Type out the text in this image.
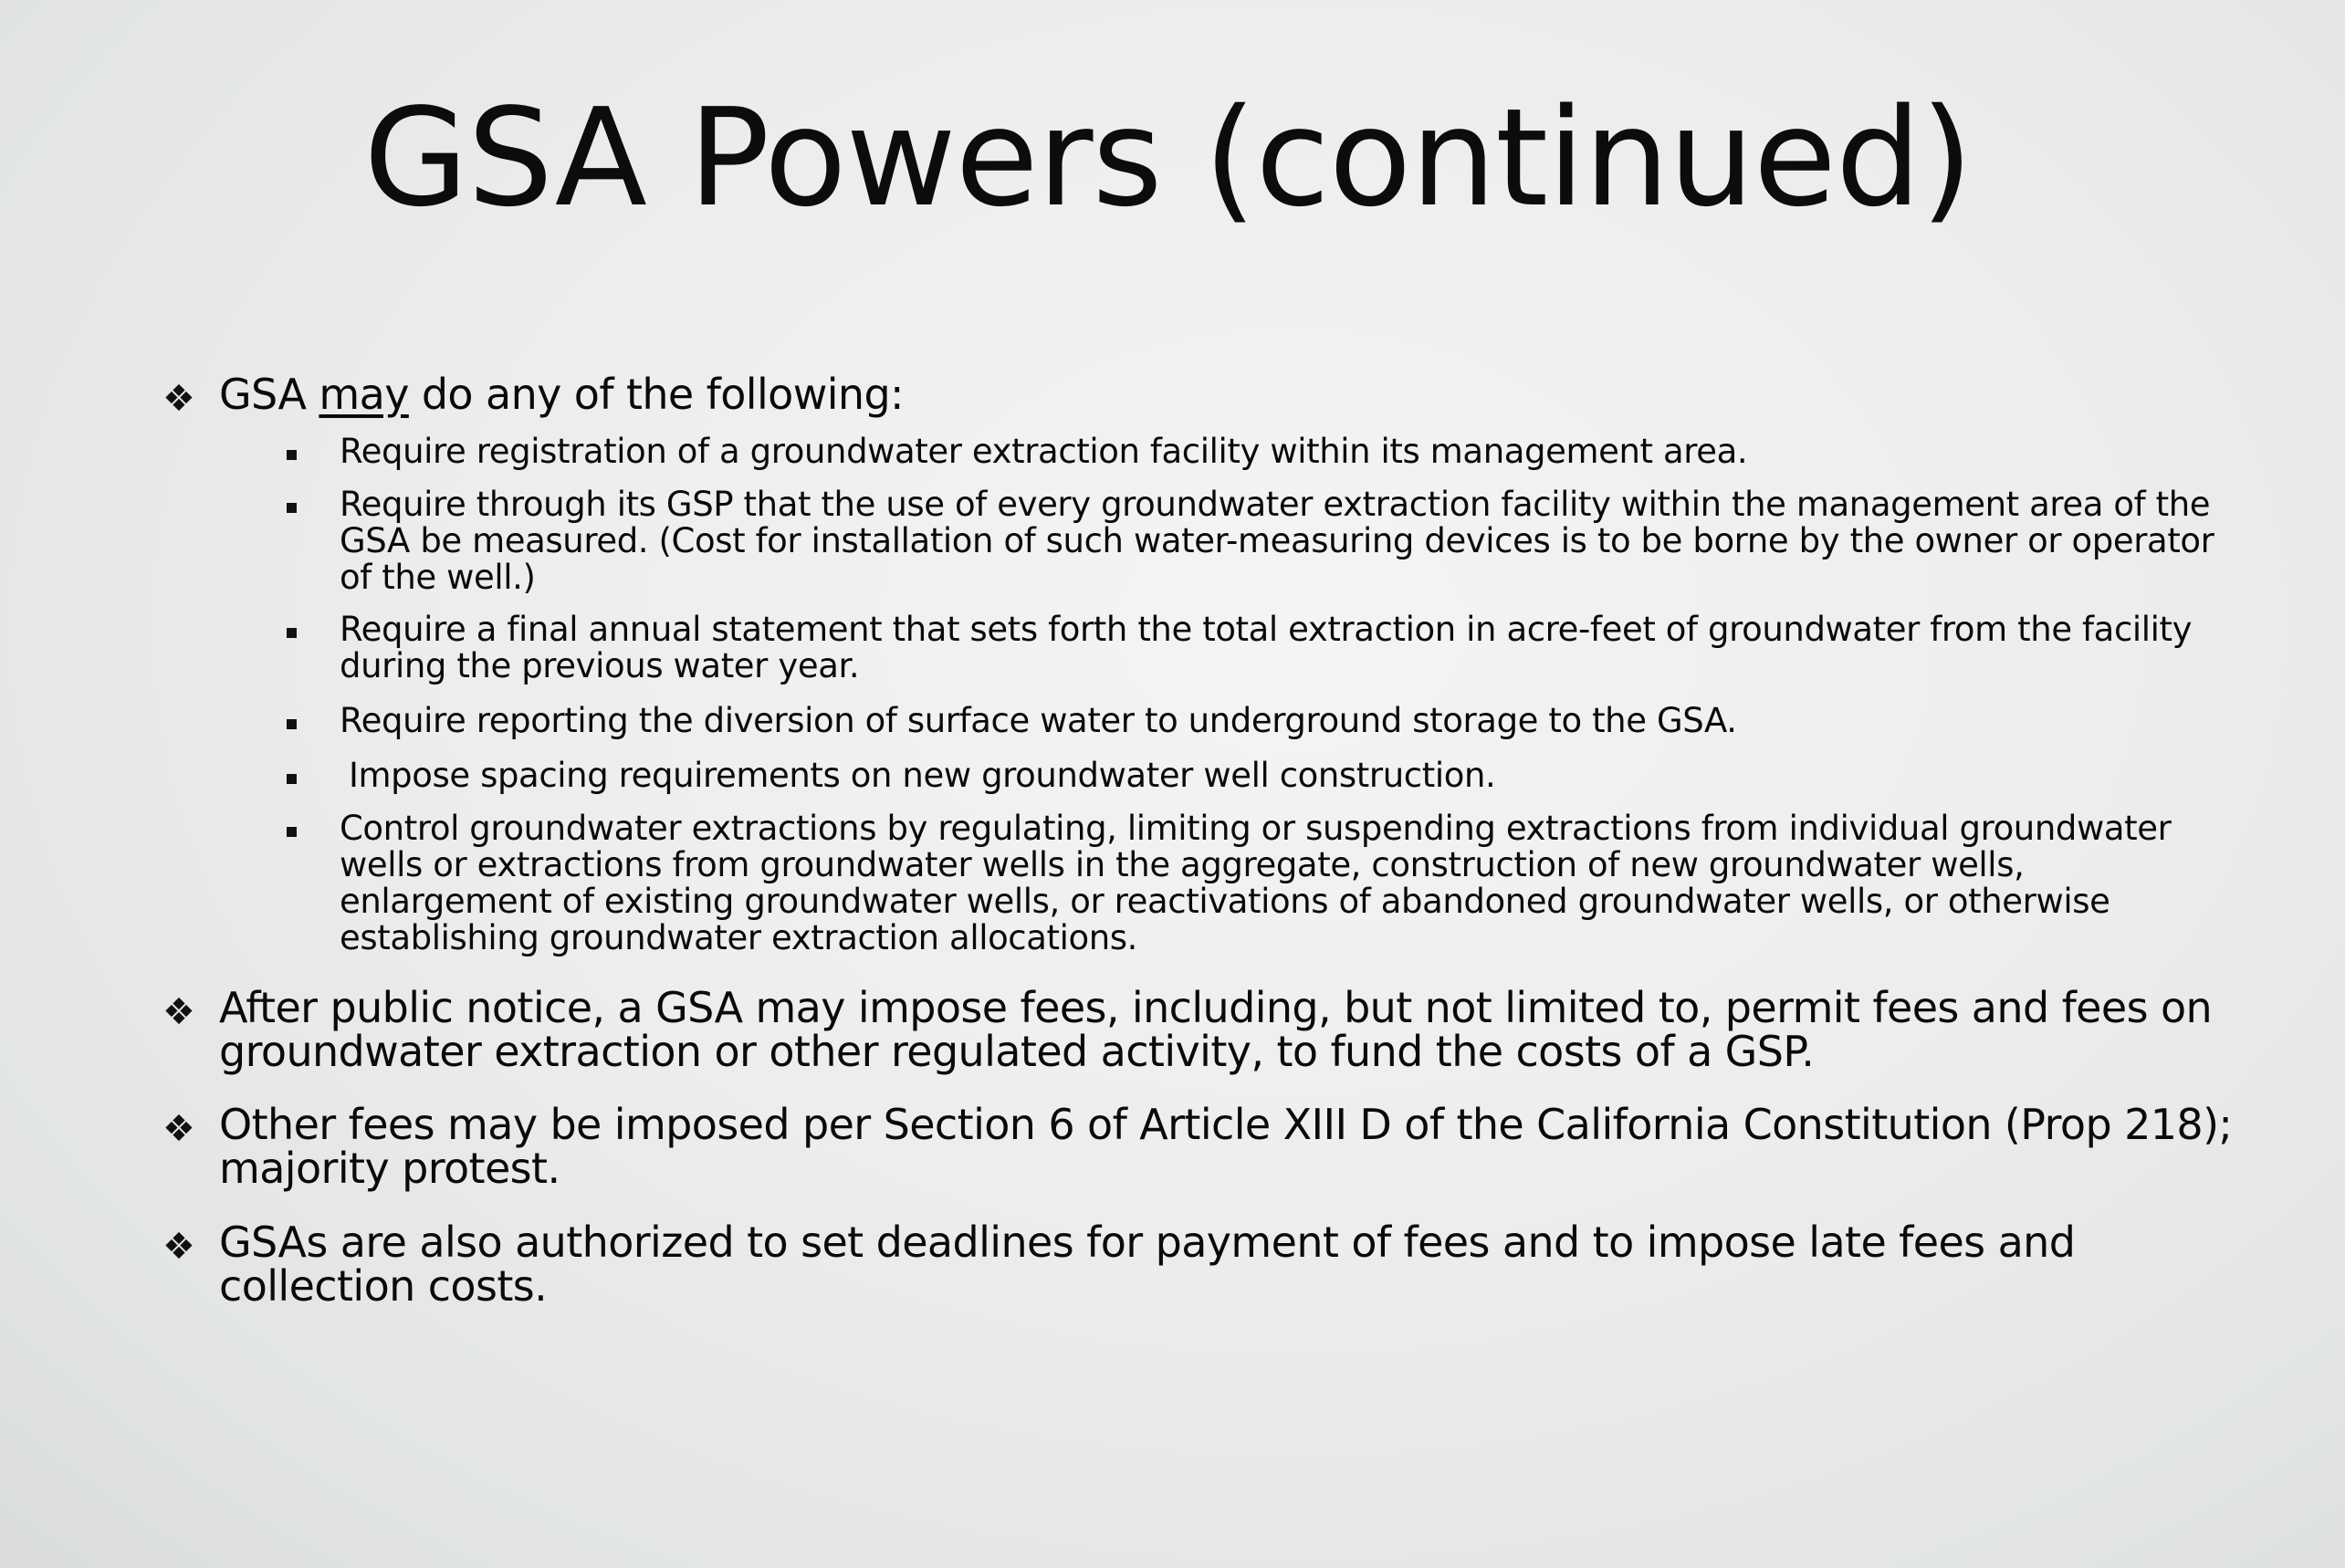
GSA Powers (continued)
❖ GSA may do any of the following:
Require registration of a groundwater extraction facility within its management area.
Require through its GSP that the use of every groundwater extraction facility within the management area of the GSA be measured. (Cost for installation of such water-measuring devices is to be borne by the owner or operator of the well.)
Require a final annual statement that sets forth the total extraction in acre-feet of groundwater from the facility during the previous water year.
Require reporting the diversion of surface water to underground storage to the GSA.
Impose spacing requirements on new groundwater well construction.
Control groundwater extractions by regulating, limiting or suspending extractions from individual groundwater wells or extractions from groundwater wells in the aggregate, construction of new groundwater wells, enlargement of existing groundwater wells, or reactivations of abandoned groundwater wells, or otherwise establishing groundwater extraction allocations.
❖ After public notice, a GSA may impose fees, including, but not limited to, permit fees and fees on groundwater extraction or other regulated activity, to fund the costs of a GSP.
❖ Other fees may be imposed per Section 6 of Article XIII D of the California Constitution (Prop 218); majority protest.
❖ GSAs are also authorized to set deadlines for payment of fees and to impose late fees and collection costs.
